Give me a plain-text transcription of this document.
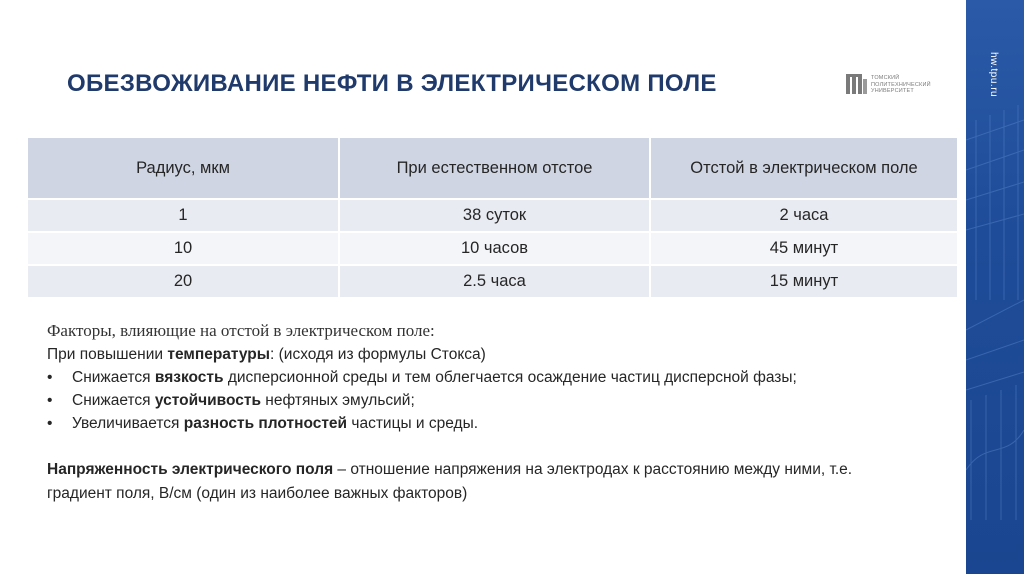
ОБЕЗВОЖИВАНИЕ НЕФТИ В ЭЛЕКТРИЧЕСКОМ ПОЛЕ	ТОМСКИЙ
ПОЛИТЕХНИЧЕСКИЙ
УНИВЕРСИТЕТ	hw.tpu.ru
Радиус, мкм	При естественном отстое	Отстой в электрическом поле
1	38 суток	2 часа
10	10 часов	45 минут
20	2.5 часа	15 минут
Факторы, влияющие на отстой в электрическом поле:
При повышении температуры: (исходя из формулы Стокса)
• Снижается вязкость дисперсионной среды и тем облегчается осаждение частиц дисперсной фазы;
• Снижается устойчивость нефтяных эмульсий;
• Увеличивается разность плотностей частицы и среды.
Напряженность электрического поля – отношение напряжения на электродах к расстоянию между ними, т.е.
градиент поля, В/см (один из наиболее важных факторов)
